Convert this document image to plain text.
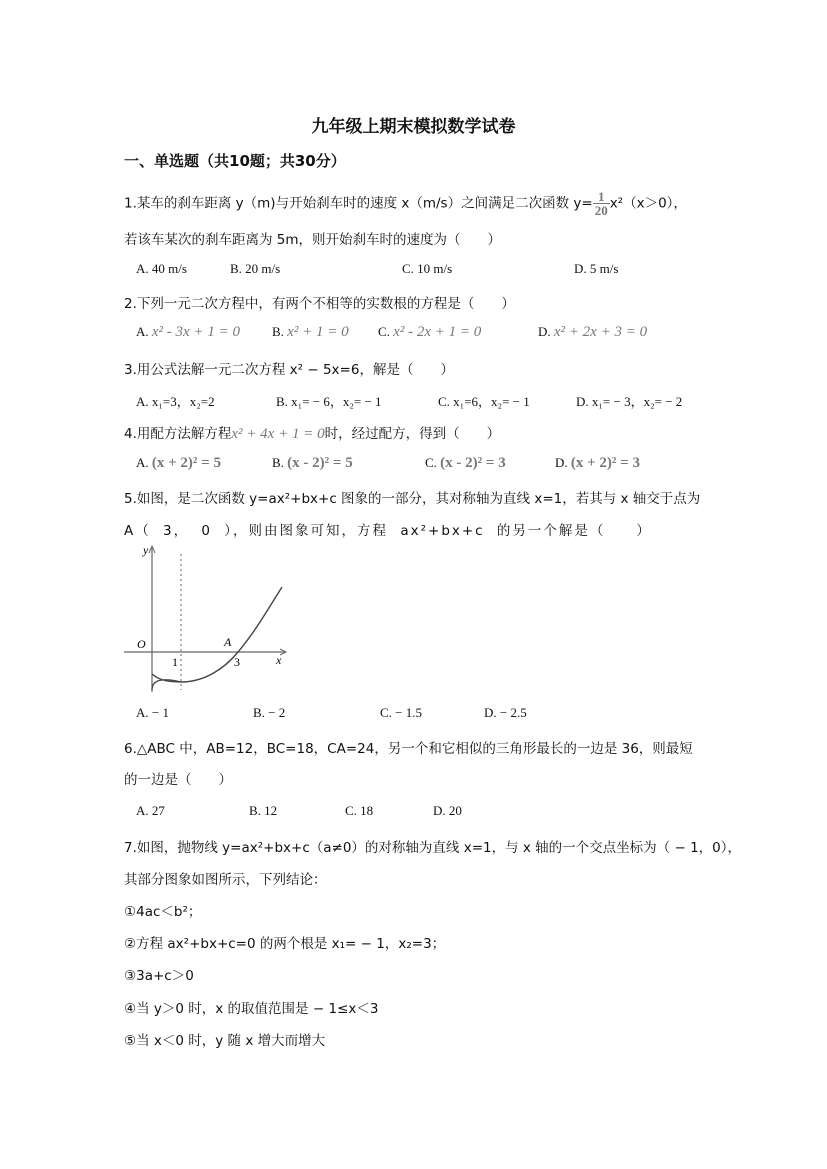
九年级上期末模拟数学试卷
一、单选题（共10题；共30分）
1.某车的刹车距离 y（m)与开始刹车时的速度 x（m/s）之间满足二次函数 $y= \frac{1}{20} x^2(x>0)$，
若该车某次的刹车距离为 5m，则开始刹车时的速度为（　　）
A. 40 m/s	B. 20 m/s	C. 10 m/s	D. 5 m/s
2.下列一元二次方程中，有两个不相等的实数根的方程是（　　）
A. x² - 3x + 1 = 0 B. x² + 1 = 0 C. x² - 2x + 1 = 0	D. x² + 2x + 3 = 0
3.用公式法解一元二次方程 x² − 5x=6，解是（　　）
A. x₁=3，x₂=2	B. x₁= − 6，x₂= − 1	C. x₁=6，x₂= − 1	D. x₁= − 3，x₂= − 2
4.用配方法解方程x² + 4x + 1 = 0时，经过配方，得到（　　）
A. (x + 2)² = 5	B. (x - 2)² = 5	C. (x - 2)² = 3	D. (x + 2)² = 3
5.如图，是二次函数 y=ax²+bx+c 图象的一部分，其对称轴为直线 x=1，若其与 x 轴交于点为
A（ 3， 0 ），则由图象可知，方程 ax²+bx+c 的另一个解是（　　）
y
x
O	A
1	3
A. − 1	B. − 2	C. − 1.5	D. − 2.5
6.△ABC 中，AB=12，BC=18，CA=24，另一个和它相似的三角形最长的一边是 36，则最短
的一边是（　　）
A. 27	B. 12	C. 18	D. 20
7.如图，抛物线 y=ax²+bx+c（a≠0）的对称轴为直线 x=1，与 x 轴的一个交点坐标为（ − 1，0），
其部分图象如图所示，下列结论：
①4ac＜b²；
②方程 ax²+bx+c=0 的两个根是 x₁= − 1，x₂=3；
③3a+c＞0
④当 y＞0 时，x 的取值范围是 − 1≤x＜3
⑤当 x＜0 时，y 随 x 增大而增大
